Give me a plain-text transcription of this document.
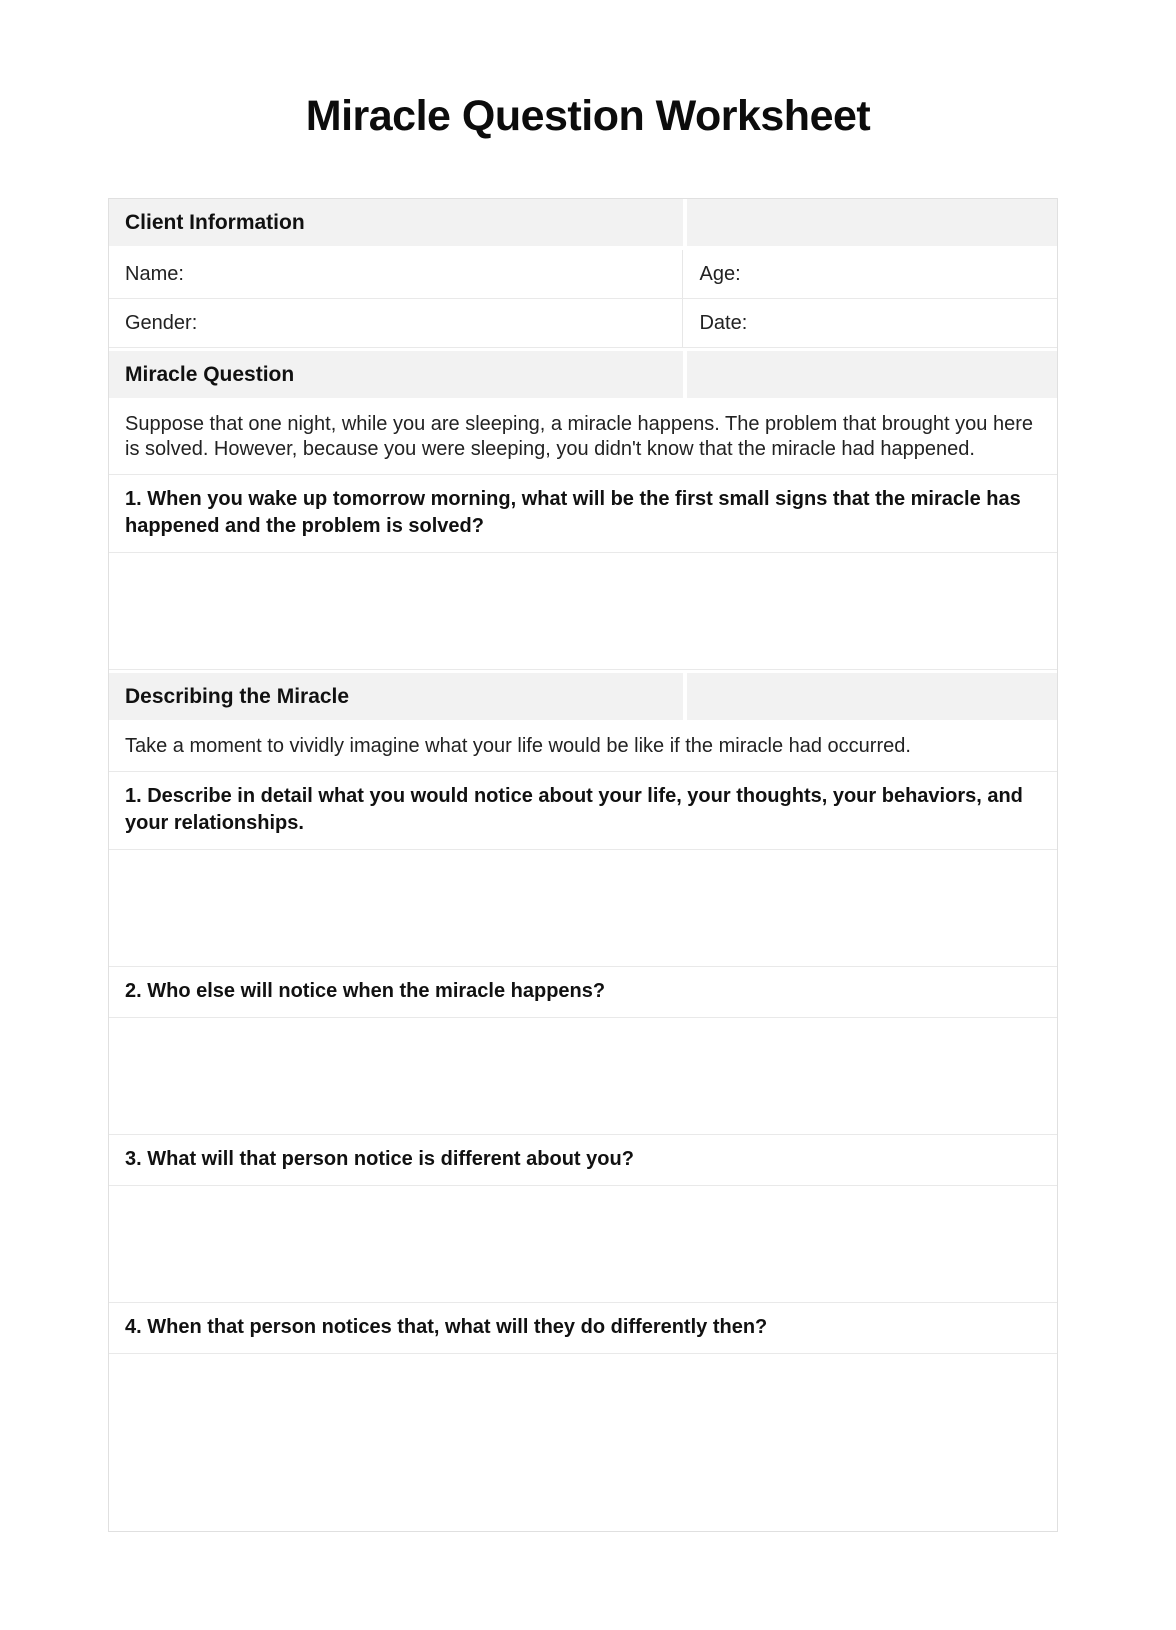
Miracle Question Worksheet
Client Information
Name:	Age:
Gender:	Date:
Miracle Question
Suppose that one night, while you are sleeping, a miracle happens. The problem that brought you here is solved. However, because you were sleeping, you didn't know that the miracle had happened.
1. When you wake up tomorrow morning, what will be the first small signs that the miracle has happened and the problem is solved?
Describing the Miracle
Take a moment to vividly imagine what your life would be like if the miracle had occurred.
1. Describe in detail what you would notice about your life, your thoughts, your behaviors, and your relationships.
2. Who else will notice when the miracle happens?
3. What will that person notice is different about you?
4. When that person notices that, what will they do differently then?
